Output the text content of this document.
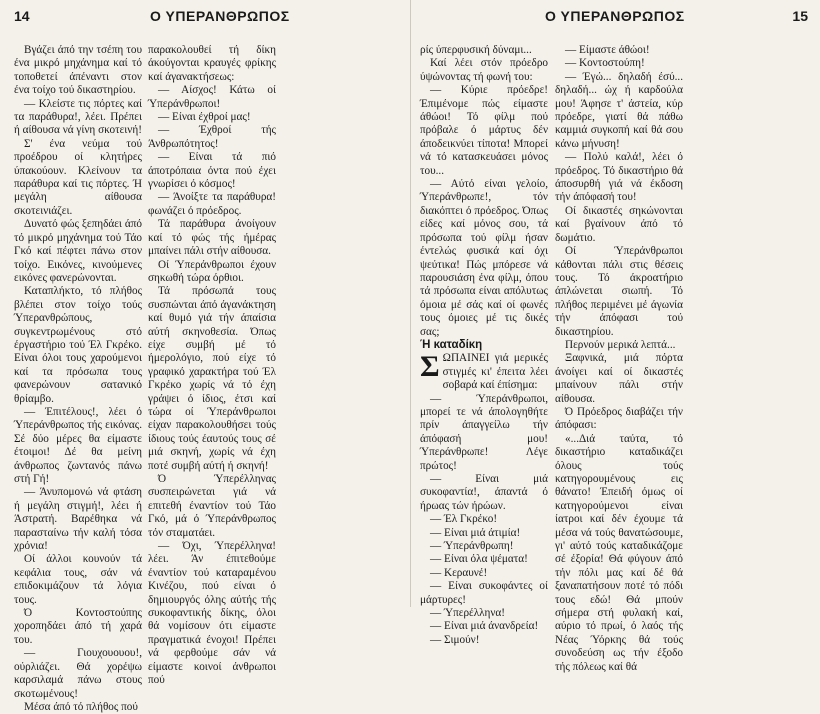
14	Ο ΥΠΕΡΑΝΘΡΩΠΟΣ

Βγάζει άπό την τσέπη του ένα μικρό μηχάνημα καί τό τοποθετεί άπέναντι στον ένα τοίχο τού δικαστηρίου.

— Κλείστε τις πόρτες καί τα παράθυρα!, λέει. Πρέπει ή αίθουσα νά γίνη σκοτεινή!

Σ' ένα νεύμα τού προέδρου οί κλητήρες ύπακούουν. Κλείνουν τα παράθυρα καί τις πόρτες. Ή μεγάλη αίθουσα σκοτεινιάζει.

Δυνατό φώς ξεπηδάει άπό τό μικρό μηχάνημα τού Τάο Γκό καί πέφτει πάνω στον τοίχο. Εικόνες, κινούμενες εικόνες φανερώνονται.

Καταπλήκτο, τό πλήθος βλέπει στον τοίχο τούς Ύπερανθρώπους, συγκεντρωμένους στό έργαστήριο τού Έλ Γκρέκο. Είναι όλοι τους χαρούμενοι καί τα πρόσωπα τους φανερώνουν σατανικό θρίαμβο.

— Έπιτέλους!, λέει ό Ύπεράνθρωπος τής εικόνας. Σέ δύο μέρες θα είμαστε έτοιμοι! Δέ θα μείνη άνθρωπος ζωντανός πάνω στή Γή!

— Άνυπομονώ νά φτάση ή μεγάλη στιγμή!, λέει ή Άστρατή. Βαρέθηκα νά παρασταίνω τήν καλή τόσα χρόνια!

Οί άλλοι κουνούν τά κεφάλια τους, σάν νά επιδοκιμάζουν τά λόγια τους.

Ό Κοντοστούπης χοροπηδάει άπό τή χαρά του.

— Γιουχουουου!, ούρλιάζει. Θά χορέψω καρσιλαμά πάνω στους σκοτωμένους!

Μέσα άπό τό πλήθος πού

παρακολουθεί τή δίκη άκούγονται κραυγές φρίκης καί άγανακτήσεως:

— Αίσχος! Κάτω οί Ύπεράνθρωποι!

— Είναι έχθροί μας!

— Έχθροί τής Άνθρωπότητος!

— Είναι τά πιό άποτρόπαια όντα πού έχει γνωρίσει ό κόσμος!

— Άνοίξτε τα παράθυρα! φωνάζει ό πρόεδρος.

Τά παράθυρα άνοίγουν καί τό φώς τής ήμέρας μπαίνει πάλι στήν αίθουσα.

Οί Ύπεράνθρωποι έχουν σηκωθή τώρα όρθιοι.

Τά πρόσωπά τους συσπώνται άπό άγανάκτηση καί θυμό γιά τήν άπαίσια αύτή σκηνοθεσία. Όπως είχε συμβή μέ τό ήμερολόγιο, πού είχε τό γραφικό χαρακτήρα τού Έλ Γκρέκο χωρίς νά τό έχη γράψει ό ίδιος, έτσι καί τώρα οί Ύπεράνθρωποι είχαν παρακολουθήσει τούς ίδιους τούς έαυτούς τους σέ μιά σκηνή, χωρίς νά έχη ποτέ συμβή αύτή ή σκηνή!

Ό Ύπερέλληνας συσπειρώνεται γιά νά επιτεθή έναντίον τού Τάο Γκό, μά ό Ύπεράνθρωπος τόν σταματάει.

— Όχι, Ύπερέλληνα! λέει. Άν έπιτεθούμε έναντίον τού καταραμένου Κινέζου, πού είναι ό δημιουργός όλης αύτής τής συκοφαντικής δίκης, όλοι θά νομίσουν ότι είμαστε πραγματικά ένοχοι! Πρέπει νά φερθούμε σάν νά είμαστε κοινοί άνθρωποι πού

Ο ΥΠΕΡΑΝΘΡΩΠΟΣ	15

ρίς ύπερφυσική δύναμι...

Καί λέει στόν πρόεδρο ύψώνοντας τή φωνή του:

— Κύριε πρόεδρε! Έπιμένομε πώς είμαστε άθώοι! Τό φίλμ πού πρόβαλε ό μάρτυς δέν άποδεικνύει τίποτα! Μπορεί νά τό κατασκευάσει μόνος του...

— Αύτό είναι γελοίο, Ύπεράνθρωπε!, τόν διακόπτει ό πρόεδρος. Όπως είδες καί μόνος σου, τά πρόσωπα τού φίλμ ήσαν έντελώς φυσικά καί όχι ψεύτικα! Πώς μπόρεσε νά παρουσιάση ένα φίλμ, όπου τά πρόσωπα είναι απόλυτως όμοια μέ σάς καί οί φωνές τους όμοιες μέ τις δικές σας;

Ή καταδίκη

ΣΩΠΑΙΝΕΙ γιά μερικές στιγμές κι' έπειτα λέει σοβαρά καί έπίσημα:

— Ύπεράνθρωποι, μπορεί τε νά άπολογηθήτε πρίν άπαγγείλω τήν άπόφασή μου! Ύπεράνθρωπε! Λέγε πρώτος!

— Είναι μιά συκοφαντία!, άπαντά ό ήρωας τών ήρώων.

— Έλ Γκρέκο!

— Είναι μιά άτιμία!

— Ύπεράνθρωπη!

— Είναι όλα ψέματα!

— Κεραυνέ!

— Είναι συκοφάντες οί μάρτυρες!

— Ύπερέλληνα!

— Είναι μιά άνανδρεία!

— Σιμούν!

— Είμαστε άθώοι!

— Κοντοστούπη!

— Έγώ... δηλαδή έσύ... δηλαδή... ώχ ή καρδούλα μου! Άφησε τ' άστεία, κύρ πρόεδρε, γιατί θά πάθω καμμιά συγκοπή καί θά σου κάνω μήνυση!

— Πολύ καλά!, λέει ό πρόεδρος. Τό δικαστήριο θά άποσυρθή γιά νά έκδοση τήν άπόφασή του!

Οί δικαστές σηκώνονται καί βγαίνουν άπό τό δωμάτιο.

Οί Ύπεράνθρωποι κάθονται πάλι στις θέσεις τους. Τό άκροατήριο άπλώνεται σιωπή. Τό πλήθος περιμένει μέ άγωνία τήν άπόφασι τού δικαστηρίου.

Περνούν μερικά λεπτά...

Ξαφνικά, μιά πόρτα άνοίγει καί οί δικαστές μπαίνουν πάλι στήν αίθουσα.

Ό Πρόεδρος διαβάζει τήν άπόφασι:

«...Διά ταύτα, τό δικαστήριο καταδικάζει όλους τούς κατηγορουμένους εις θάνατο! Έπειδή όμως οί κατηγορούμενοι είναι ίατροι καί δέν έχουμε τά μέσα νά τούς θανατώσουμε, γι' αύτό τούς καταδικάζομε σέ έξορία! Θά φύγουν άπό τήν πόλι μας καί δέ θά ξαναπατήσουν ποτέ τό πόδι τους εδώ! Θά μπούν σήμερα στή φυλακή καί, αύριο τό πρωί, ό λαός τής Νέας Ύόρκης θά τούς συνοδεύση ως τήν έξοδο τής πόλεως καί θά
